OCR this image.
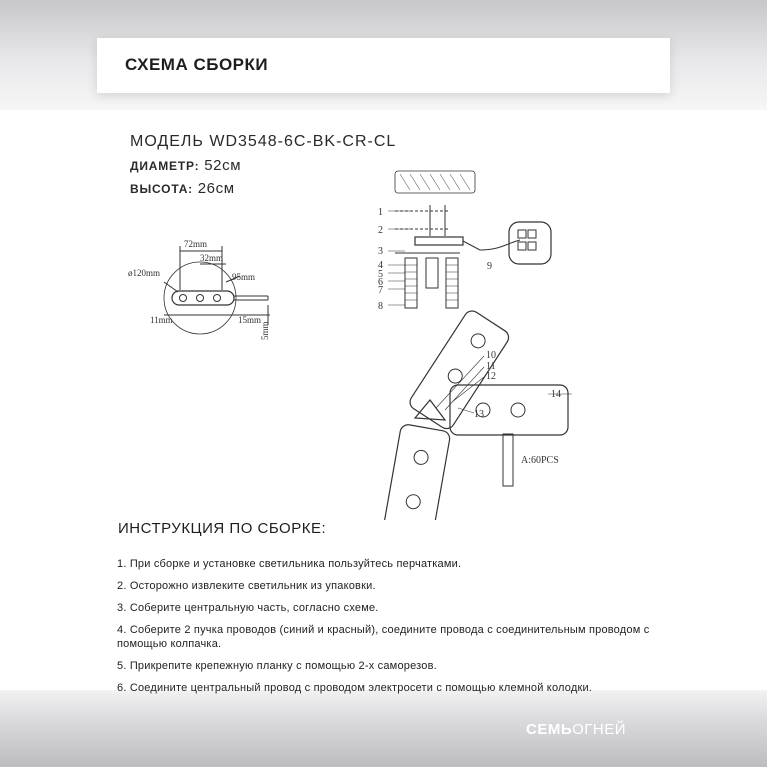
СХЕМА СБОРКИ
МОДЕЛЬ WD3548-6C-BK-CR-CL
ДИАМЕТР: 52см
ВЫСОТА: 26см
72mm
32mm
ø120mm	95mm
11mm	15mm
5mm
1
2
3
4
5
6
7
8
9
10
11
12
13
14
A:60PCS
ИНСТРУКЦИЯ ПО СБОРКЕ:
1. При сборке и установке светильника пользуйтесь перчатками.
2. Осторожно извлеките светильник из упаковки.
3. Соберите центральную часть, согласно схеме.
4. Соберите 2 пучка проводов (синий и красный), соедините провода с соединительным проводом с помощью колпачка.
5. Прикрепите крепежную планку с помощью 2-х саморезов.
6. Соедините центральный провод с проводом электросети с помощью клемной колодки.
СЕМЬОГНЕЙ
